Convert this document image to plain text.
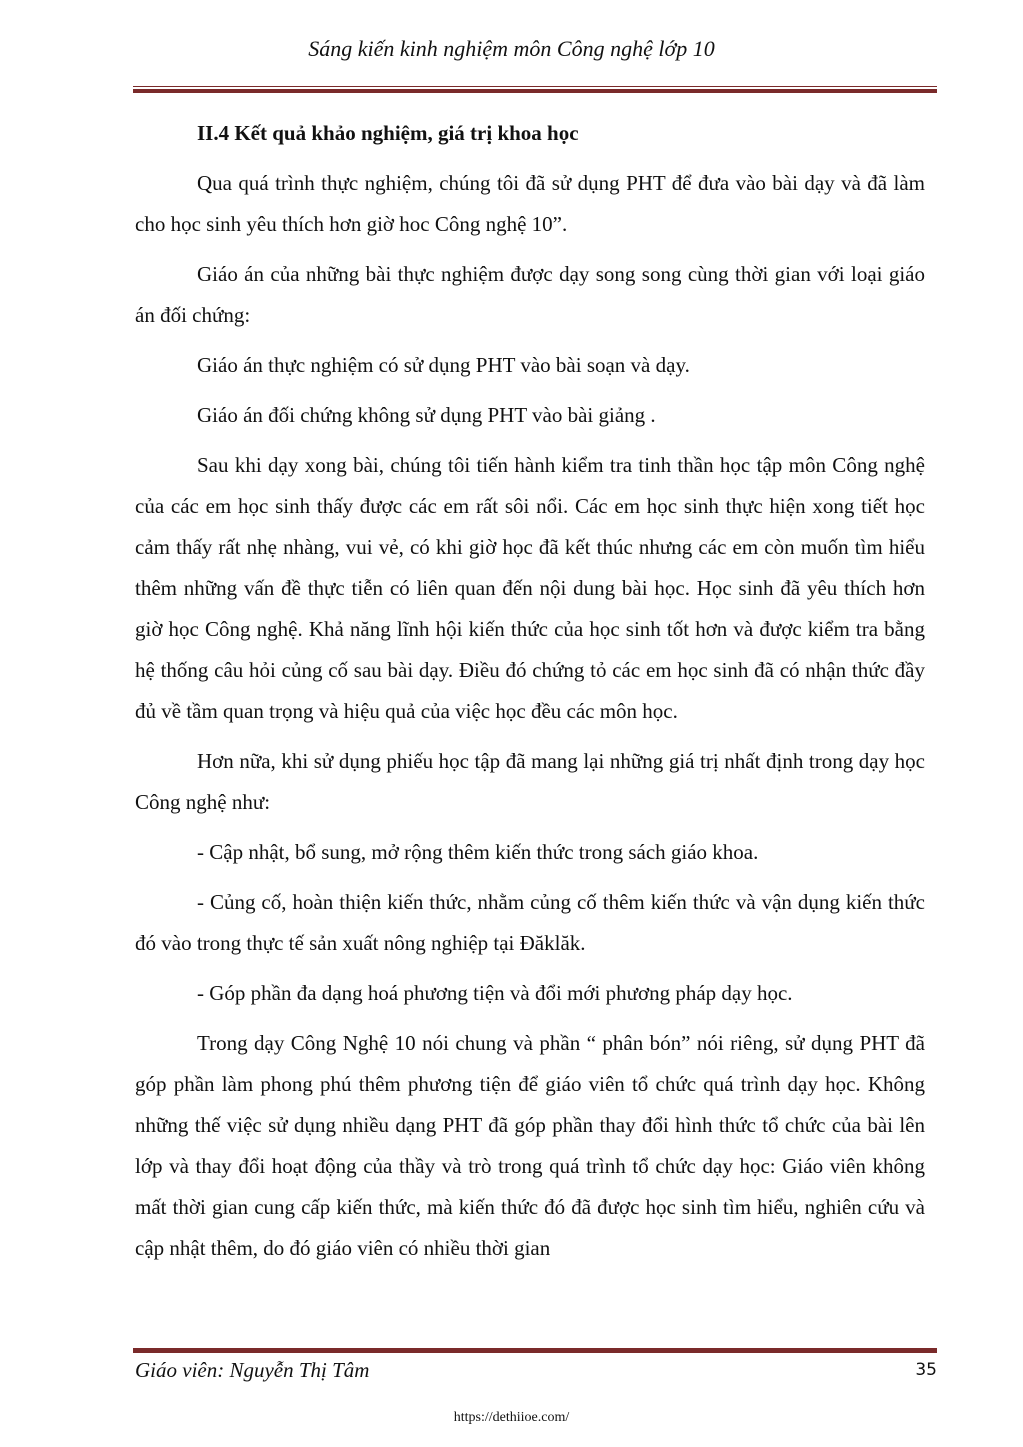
Sáng kiến kinh nghiệm môn Công nghệ lớp 10

II.4 Kết quả khảo nghiệm, giá trị khoa học

Qua quá trình thực nghiệm, chúng tôi đã sử dụng PHT để đưa vào bài dạy và đã làm cho học sinh yêu thích hơn giờ hoc Công nghệ 10”.

Giáo án của những bài thực nghiệm được dạy song song cùng thời gian với loại giáo án đối chứng:

Giáo án thực nghiệm có sử dụng PHT vào bài soạn và dạy.

Giáo án đối chứng không sử dụng PHT vào bài giảng .

Sau khi dạy xong bài, chúng tôi tiến hành kiểm tra tinh thần học tập môn Công nghệ của các em học sinh thấy được các em rất sôi nổi. Các em học sinh thực hiện xong tiết học cảm thấy rất nhẹ nhàng, vui vẻ, có khi giờ học đã kết thúc nhưng các em còn muốn tìm hiểu thêm những vấn đề thực tiễn có liên quan đến nội dung bài học. Học sinh đã yêu thích hơn giờ học Công nghệ. Khả năng lĩnh hội kiến thức của học sinh tốt hơn và được kiểm tra bằng hệ thống câu hỏi củng cố sau bài dạy. Điều đó chứng tỏ các em học sinh đã có nhận thức đầy đủ về tầm quan trọng và hiệu quả của việc học đều các môn học.

Hơn nữa, khi sử dụng phiếu học tập đã mang lại những giá trị nhất định trong dạy học Công nghệ như:

- Cập nhật, bổ sung, mở rộng thêm kiến thức trong sách giáo khoa.

- Củng cố, hoàn thiện kiến thức, nhằm củng cố thêm kiến thức và vận dụng kiến thức đó vào trong thực tế sản xuất nông nghiệp tại Đăklăk.

- Góp phần đa dạng hoá phương tiện và đổi mới phương pháp dạy học.

Trong dạy Công Nghệ 10 nói chung và phần “ phân bón” nói riêng, sử dụng PHT đã góp phần làm phong phú thêm phương tiện để giáo viên tổ chức quá trình dạy học. Không những thế việc sử dụng nhiều dạng PHT đã góp phần thay đổi hình thức tổ chức của bài lên lớp và thay đổi hoạt động của thầy và trò trong quá trình tổ chức dạy học: Giáo viên không mất thời gian cung cấp kiến thức, mà kiến thức đó đã được học sinh tìm hiểu, nghiên cứu và cập nhật thêm, do đó giáo viên có nhiều thời gian

Giáo viên: Nguyễn Thị Tâm	35
https://dethiioe.com/
